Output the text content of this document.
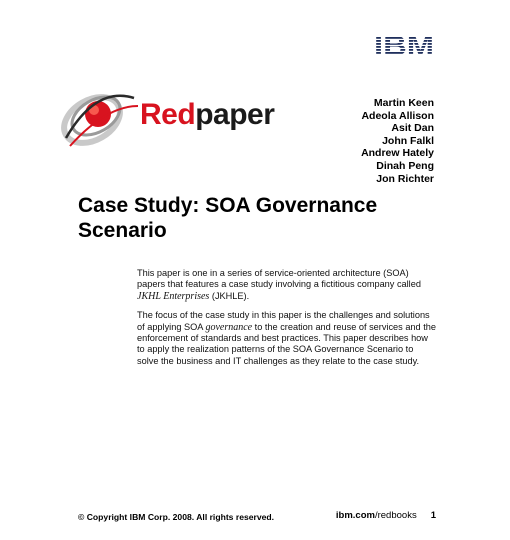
IBM
Redpaper	Martin Keen
Adeola Allison
Asit Dan
John Falkl
Andrew Hately
Dinah Peng
Jon Richter
Case Study: SOA Governance
Scenario

This paper is one in a series of service-oriented architecture (SOA) papers that features a case study involving a fictitious company called JKHL Enterprises (JKHLE).

The focus of the case study in this paper is the challenges and solutions of applying SOA governance to the creation and reuse of services and the enforcement of standards and best practices. This paper describes how to apply the realization patterns of the SOA Governance Scenario to solve the business and IT challenges as they relate to the case study.

© Copyright IBM Corp. 2008. All rights reserved.	ibm.com/redbooks 1
